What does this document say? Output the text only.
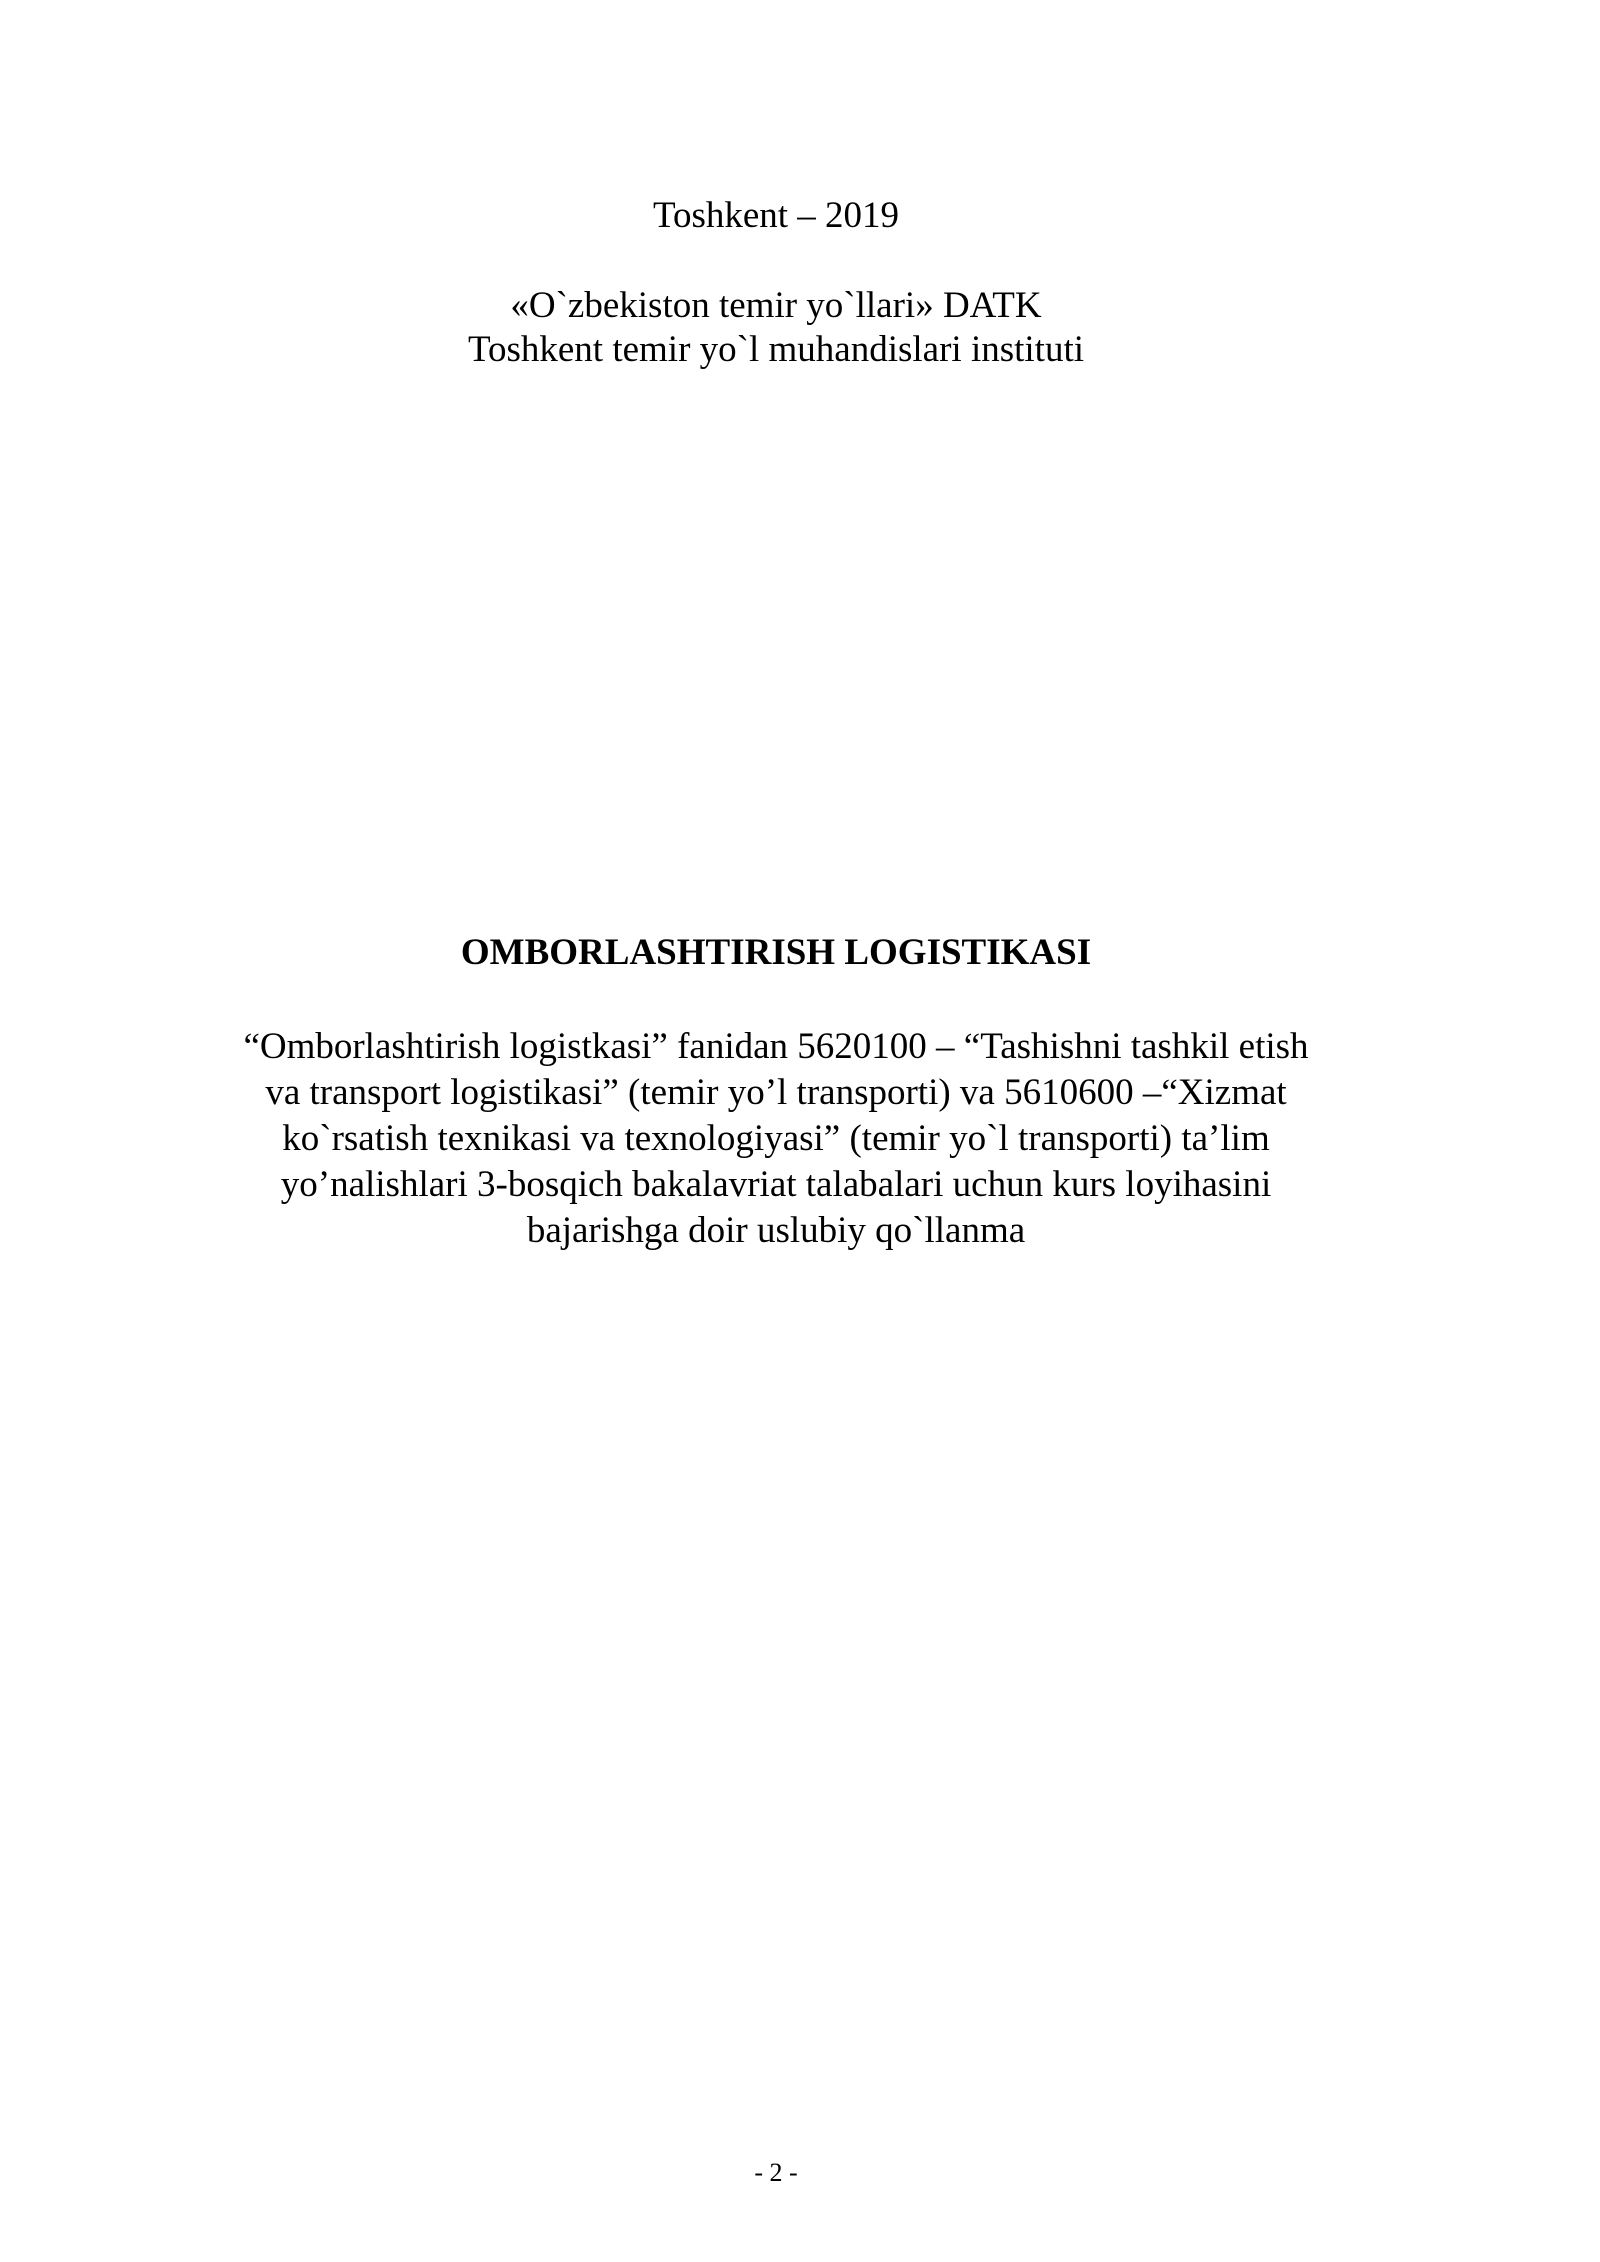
Toshkent – 2019
«O`zbekiston temir yo`llari» DATK
Toshkent temir yo`l muhandislari instituti
OMBORLASHTIRISH LOGISTIKASI
“Omborlashtirish logistkasi” fanidan 5620100 – “Tashishni tashkil etish
va transport logistikasi” (temir yo’l transporti) va 5610600 –“Xizmat
ko`rsatish texnikasi va texnologiyasi” (temir yo`l transporti) ta’lim
yo’nalishlari 3-bosqich bakalavriat talabalari uchun kurs loyihasini
bajarishga doir uslubiy qo`llanma
- 2 -
